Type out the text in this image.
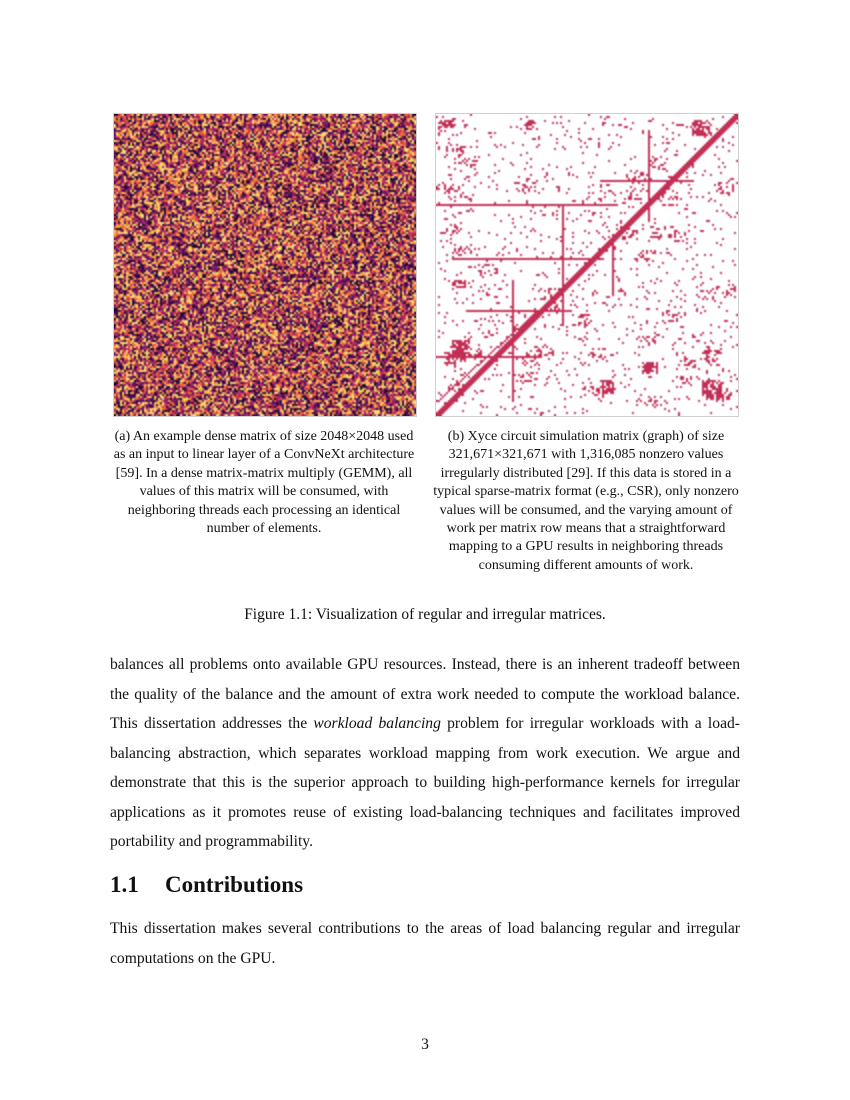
(a) An example dense matrix of size 2048×2048 used as an input to linear layer of a ConvNeXt architecture [59]. In a dense matrix-matrix multiply (GEMM), all values of this matrix will be consumed, with neighboring threads each processing an identical number of elements.
(b) Xyce circuit simulation matrix (graph) of size 321,671×321,671 with 1,316,085 nonzero values irregularly distributed [29]. If this data is stored in a typical sparse-matrix format (e.g., CSR), only nonzero values will be consumed, and the varying amount of work per matrix row means that a straightforward mapping to a GPU results in neighboring threads consuming different amounts of work.
Figure 1.1: Visualization of regular and irregular matrices.

balances all problems onto available GPU resources. Instead, there is an inherent tradeoff between the quality of the balance and the amount of extra work needed to compute the workload balance. This dissertation addresses the workload balancing problem for irregular workloads with a load-balancing abstraction, which separates workload mapping from work execution. We argue and demonstrate that this is the superior approach to building high-performance kernels for irregular applications as it promotes reuse of existing load-balancing techniques and facilitates improved portability and programmability.

1.1 Contributions

This dissertation makes several contributions to the areas of load balancing regular and irregular computations on the GPU.

3
